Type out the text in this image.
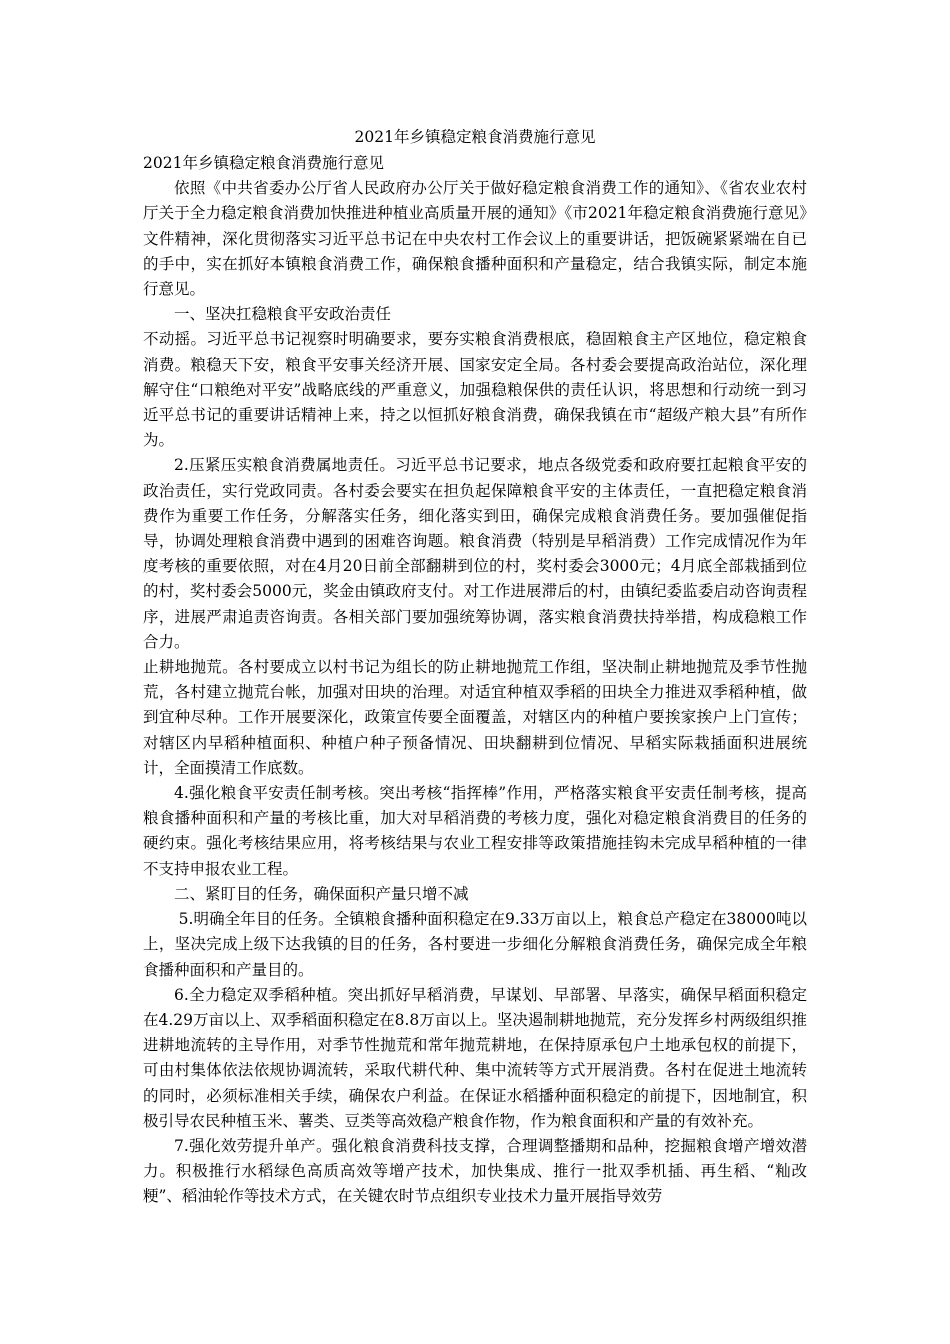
2021年乡镇稳定粮食消费施行意见

2021年乡镇稳定粮食消费施行意见

依照《中共省委办公厅省人民政府办公厅关于做好稳定粮食消费工作的通知》、《省农业农村厅关于全力稳定粮食消费加快推进种植业高质量开展的通知》《市2021年稳定粮食消费施行意见》文件精神，深化贯彻落实习近平总书记在中央农村工作会议上的重要讲话，把饭碗紧紧端在自已的手中，实在抓好本镇粮食消费工作，确保粮食播种面积和产量稳定，结合我镇实际，制定本施行意见。

一、坚决扛稳粮食平安政治责任

不动摇。习近平总书记视察时明确要求，要夯实粮食消费根底，稳固粮食主产区地位，稳定粮食消费。粮稳天下安，粮食平安事关经济开展、国家安定全局。各村委会要提高政治站位，深化理解守住“口粮绝对平安”战略底线的严重意义，加强稳粮保供的责任认识，将思想和行动统一到习近平总书记的重要讲话精神上来，持之以恒抓好粮食消费，确保我镇在市“超级产粮大县”有所作为。

2.压紧压实粮食消费属地责任。习近平总书记要求，地点各级党委和政府要扛起粮食平安的政治责任，实行党政同责。各村委会要实在担负起保障粮食平安的主体责任，一直把稳定粮食消费作为重要工作任务，分解落实任务，细化落实到田，确保完成粮食消费任务。要加强催促指导，协调处理粮食消费中遇到的困难咨询题。粮食消费（特别是早稻消费）工作完成情况作为年度考核的重要依照，对在4月20日前全部翻耕到位的村，奖村委会3000元；4月底全部栽插到位的村，奖村委会5000元，奖金由镇政府支付。对工作进展滞后的村，由镇纪委监委启动咨询责程序，进展严肃追责咨询责。各相关部门要加强统筹协调，落实粮食消费扶持举措，构成稳粮工作合力。

止耕地抛荒。各村要成立以村书记为组长的防止耕地抛荒工作组，坚决制止耕地抛荒及季节性抛荒，各村建立抛荒台帐，加强对田块的治理。对适宜种植双季稻的田块全力推进双季稻种植，做到宜种尽种。工作开展要深化，政策宣传要全面覆盖，对辖区内的种植户要挨家挨户上门宣传；对辖区内早稻种植面积、种植户种子预备情况、田块翻耕到位情况、早稻实际栽插面积进展统计，全面摸清工作底数。

4.强化粮食平安责任制考核。突出考核“指挥棒”作用，严格落实粮食平安责任制考核，提高粮食播种面积和产量的考核比重，加大对早稻消费的考核力度，强化对稳定粮食消费目的任务的硬约束。强化考核结果应用，将考核结果与农业工程安排等政策措施挂钩未完成早稻种植的一律不支持申报农业工程。

二、紧盯目的任务，确保面积产量只增不减

5.明确全年目的任务。全镇粮食播种面积稳定在9.33万亩以上，粮食总产稳定在38000吨以上，坚决完成上级下达我镇的目的任务，各村要进一步细化分解粮食消费任务，确保完成全年粮食播种面积和产量目的。

6.全力稳定双季稻种植。突出抓好早稻消费，早谋划、早部署、早落实，确保早稻面积稳定在4.29万亩以上、双季稻面积稳定在8.8万亩以上。坚决遏制耕地抛荒，充分发挥乡村两级组织推进耕地流转的主导作用，对季节性抛荒和常年抛荒耕地，在保持原承包户土地承包权的前提下，可由村集体依法依规协调流转，采取代耕代种、集中流转等方式开展消费。各村在促进土地流转的同时，必须标准相关手续，确保农户利益。在保证水稻播种面积稳定的前提下，因地制宜，积极引导农民种植玉米、薯类、豆类等高效稳产粮食作物，作为粮食面积和产量的有效补充。

7.强化效劳提升单产。强化粮食消费科技支撑，合理调整播期和品种，挖掘粮食增产增效潜力。积极推行水稻绿色高质高效等增产技术，加快集成、推行一批双季机插、再生稻、“籼改粳”、稻油轮作等技术方式，在关键农时节点组织专业技术力量开展指导效劳
